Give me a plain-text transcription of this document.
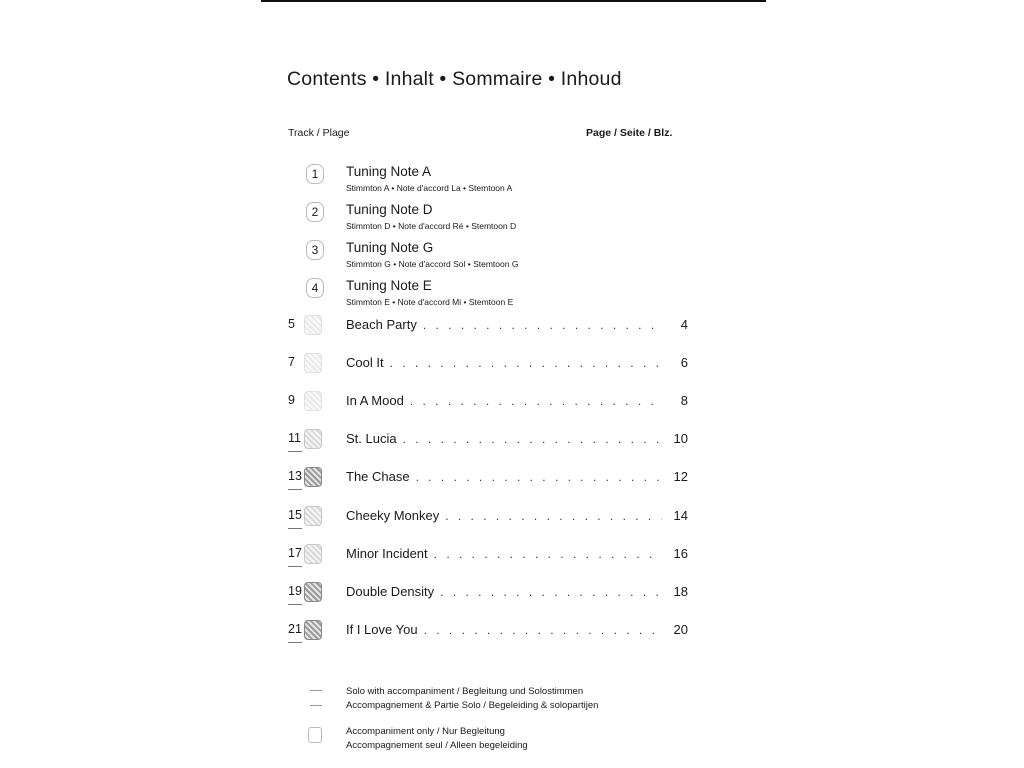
Contents • Inhalt • Sommaire • Inhoud
Track / Plage	Page / Seite / Blz.
1	Tuning Note A
Stimmton A • Note d'accord La • Stemtoon A
2	Tuning Note D
Stimmton D • Note d'accord Ré • Stemtoon D
3	Tuning Note G
Stimmton G • Note d'accord Sol • Stemtoon G
4	Tuning Note E
Stimmton E • Note d'accord Mi • Stemtoon E
5	Beach Party . . .	4
7	Cool It . . .	6
9	In A Mood . . .	8
11	St. Lucia . . .	10
13	The Chase . . .	12
15	Cheeky Monkey . . .	14
17	Minor Incident . . .	16
19	Double Density . . .	18
21	If I Love You . . .	20
Solo with accompaniment / Begleitung und Solostimmen
Accompagnement & Partie Solo / Begeleiding & solopartijen
Accompaniment only / Nur Begleitung
Accompagnement seul / Alleen begeleiding
